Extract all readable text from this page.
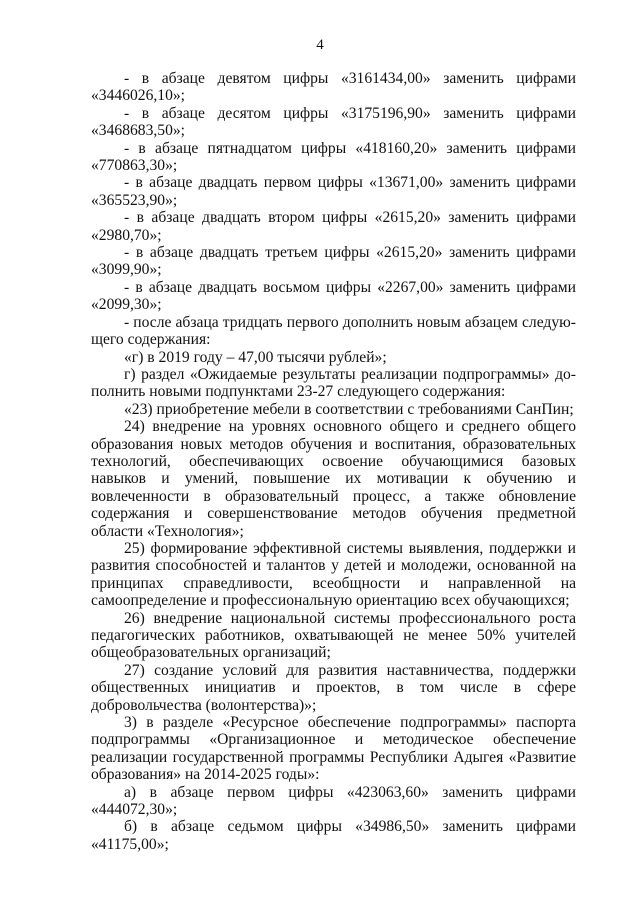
4

- в абзаце девятом цифры «3161434,00» заменить цифрами «3446026,10»;

- в абзаце десятом цифры «3175196,90» заменить цифрами «3468683,50»;

- в абзаце пятнадцатом цифры «418160,20» заменить цифрами «770863,30»;

- в абзаце двадцать первом цифры «13671,00» заменить цифрами «365523,90»;

- в абзаце двадцать втором цифры «2615,20» заменить цифрами «2980,70»;

- в абзаце двадцать третьем цифры «2615,20» заменить цифрами «3099,90»;

- в абзаце двадцать восьмом цифры «2267,00» заменить цифрами «2099,30»;

- после абзаца тридцать первого дополнить новым абзацем следующего содержания:

«г) в 2019 году – 47,00 тысячи рублей»;

г) раздел «Ожидаемые результаты реализации подпрограммы» дополнить новыми подпунктами 23-27 следующего содержания:

«23) приобретение мебели в соответствии с требованиями СанПин;

24) внедрение на уровнях основного общего и среднего общего образования новых методов обучения и воспитания, образовательных технологий, обеспечивающих освоение обучающимися базовых навыков и умений, повышение их мотивации к обучению и вовлеченности в образовательный процесс, а также обновление содержания и совершенствование методов обучения предметной области «Технология»;

25) формирование эффективной системы выявления, поддержки и развития способностей и талантов у детей и молодежи, основанной на принципах справедливости, всеобщности и направленной на самоопределение и профессиональную ориентацию всех обучающихся;

26) внедрение национальной системы профессионального роста педагогических работников, охватывающей не менее 50% учителей общеобразовательных организаций;

27) создание условий для развития наставничества, поддержки общественных инициатив и проектов, в том числе в сфере добровольчества (волонтерства)»;

3) в разделе «Ресурсное обеспечение подпрограммы» паспорта подпрограммы «Организационное и методическое обеспечение реализации государственной программы Республики Адыгея «Развитие образования» на 2014-2025 годы»:

а) в абзаце первом цифры «423063,60» заменить цифрами «444072,30»;

б) в абзаце седьмом цифры «34986,50» заменить цифрами «41175,00»;
